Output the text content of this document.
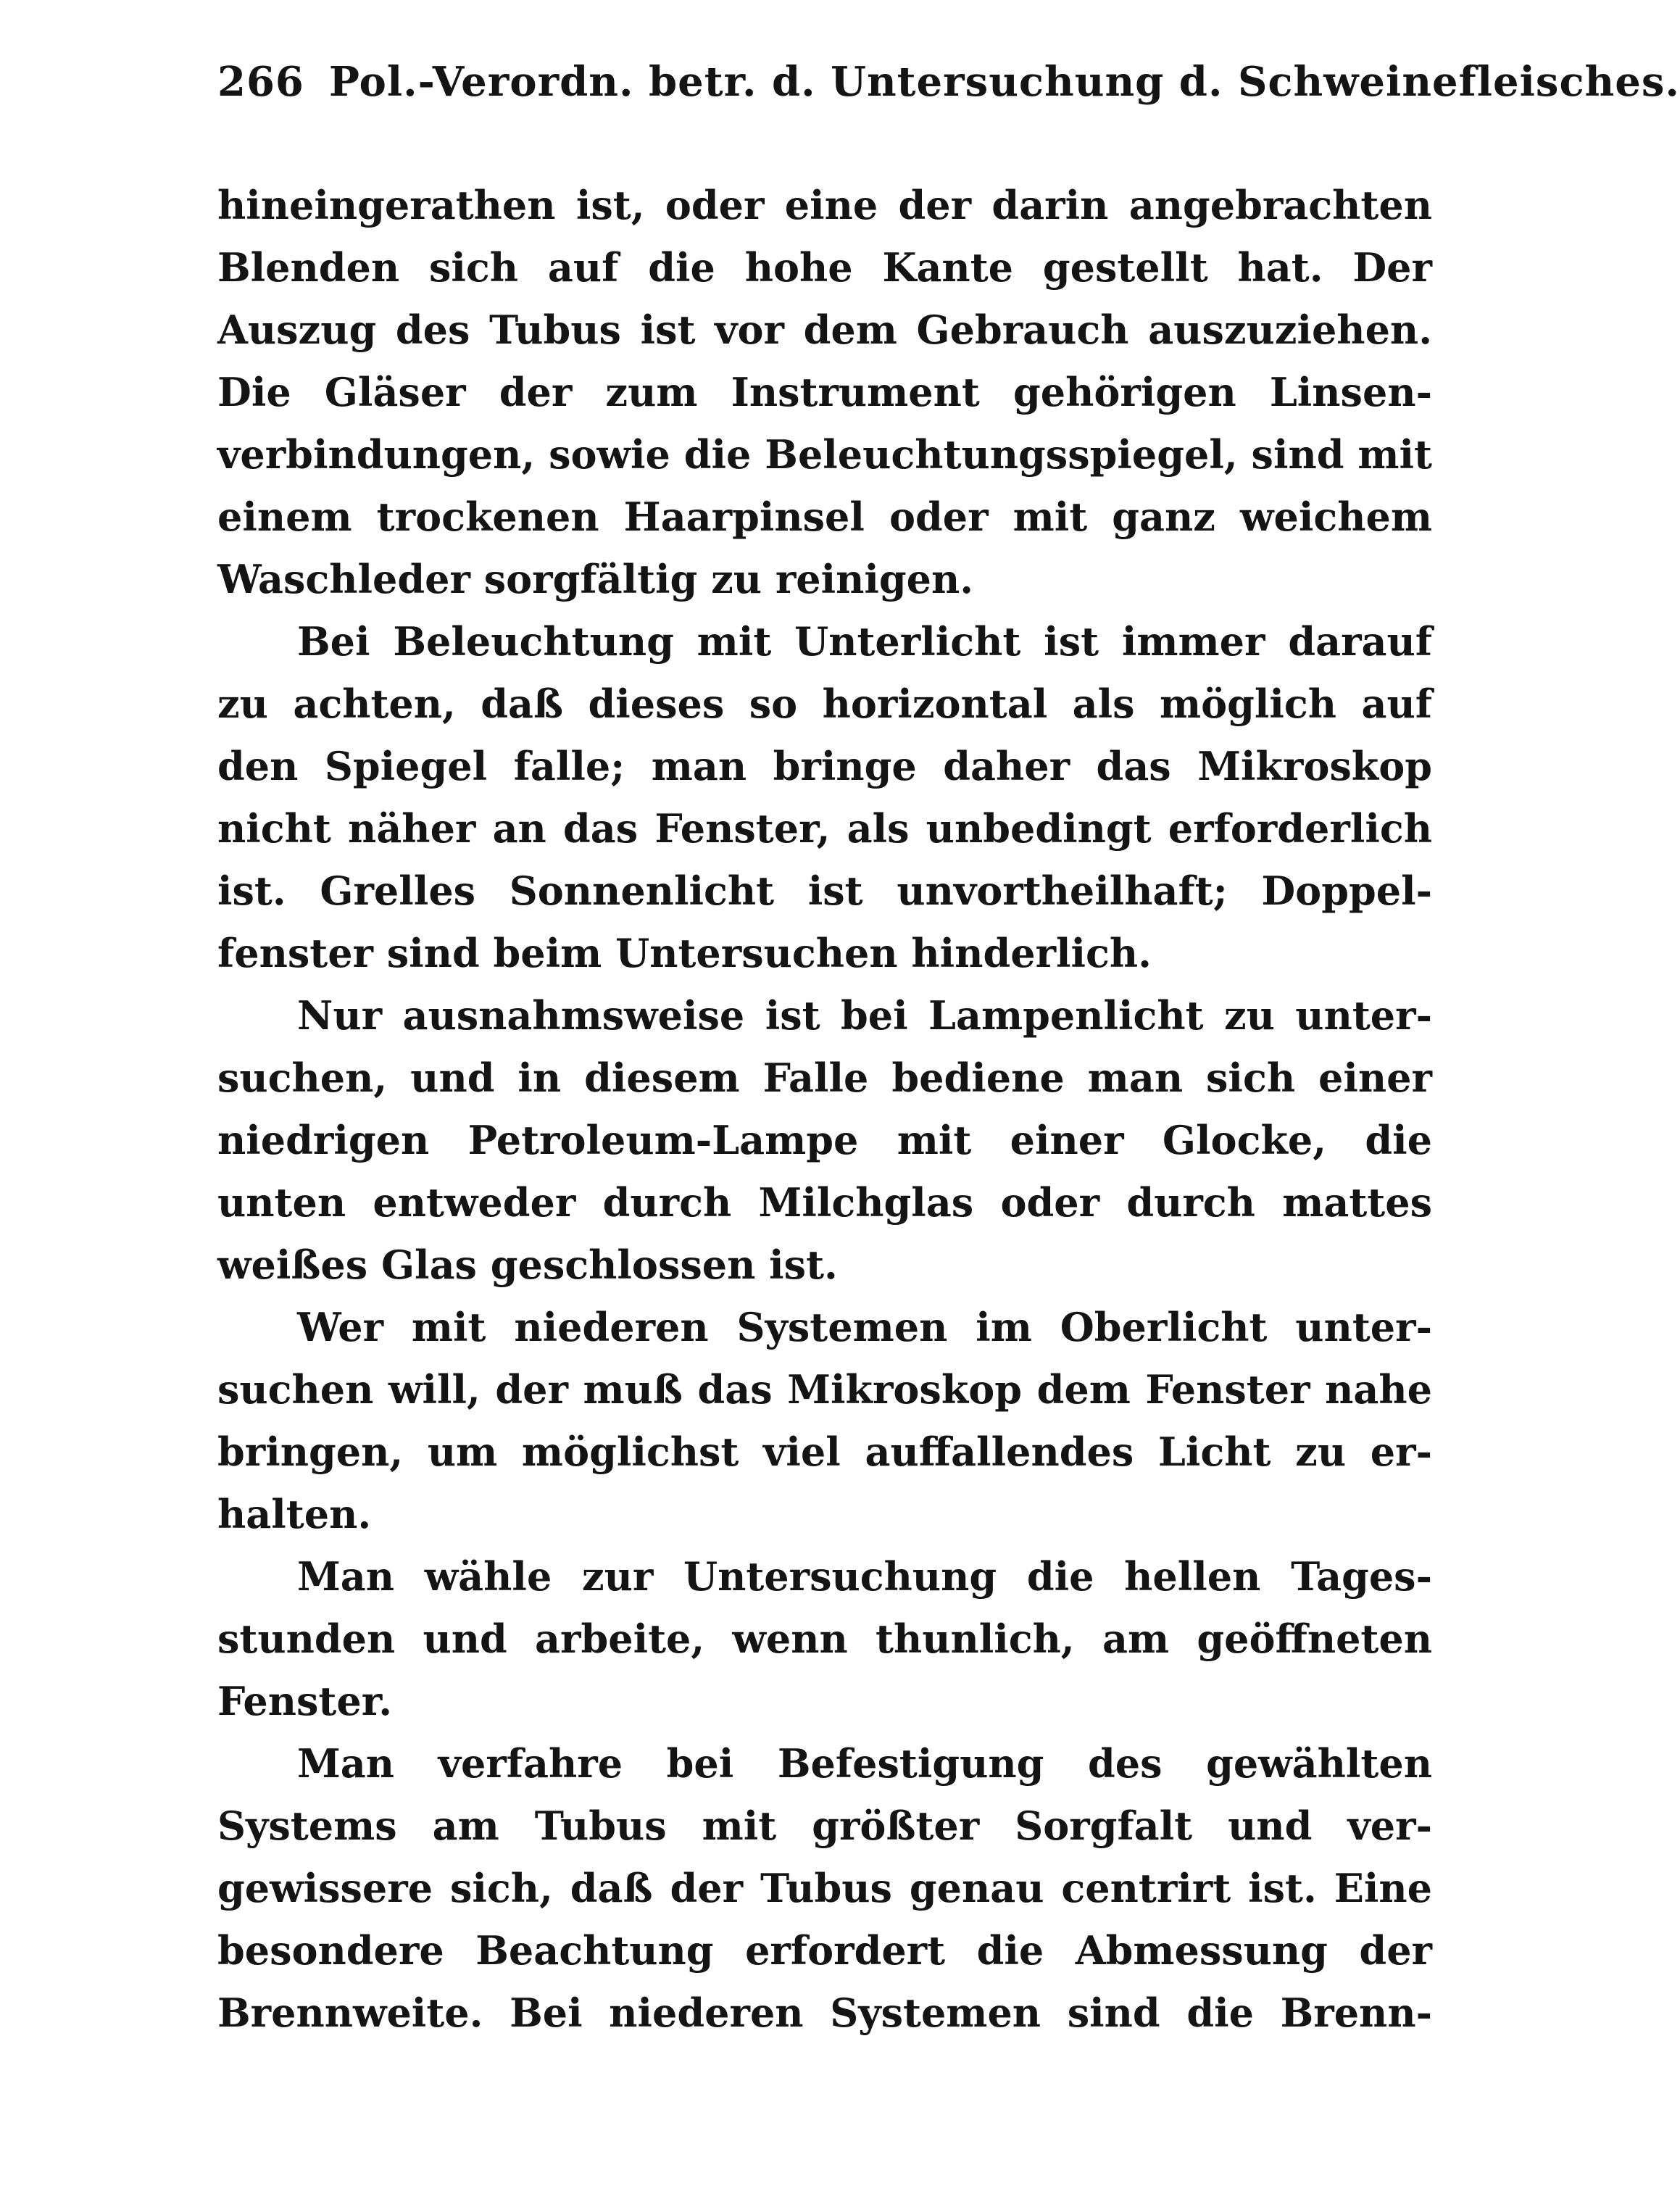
266 Pol.-Verordn. betr. d. Untersuchung d. Schweinefleisches.
hineingerathen ist, oder eine der darin angebrachten
Blenden sich auf die hohe Kante gestellt hat. Der
Auszug des Tubus ist vor dem Gebrauch auszuziehen.
Die Gläser der zum Instrument gehörigen Linsen-
verbindungen, sowie die Beleuchtungsspiegel, sind mit
einem trockenen Haarpinsel oder mit ganz weichem
Waschleder sorgfältig zu reinigen.
Bei Beleuchtung mit Unterlicht ist immer darauf
zu achten, daß dieses so horizontal als möglich auf
den Spiegel falle; man bringe daher das Mikroskop
nicht näher an das Fenster, als unbedingt erforderlich
ist. Grelles Sonnenlicht ist unvortheilhaft; Doppel-
fenster sind beim Untersuchen hinderlich.
Nur ausnahmsweise ist bei Lampenlicht zu unter-
suchen, und in diesem Falle bediene man sich einer
niedrigen Petroleum-Lampe mit einer Glocke, die
unten entweder durch Milchglas oder durch mattes
weißes Glas geschlossen ist.
Wer mit niederen Systemen im Oberlicht unter-
suchen will, der muß das Mikroskop dem Fenster nahe
bringen, um möglichst viel auffallendes Licht zu er-
halten.
Man wähle zur Untersuchung die hellen Tages-
stunden und arbeite, wenn thunlich, am geöffneten
Fenster.
Man verfahre bei Befestigung des gewählten
Systems am Tubus mit größter Sorgfalt und ver-
gewissere sich, daß der Tubus genau centrirt ist. Eine
besondere Beachtung erfordert die Abmessung der
Brennweite. Bei niederen Systemen sind die Brenn-
